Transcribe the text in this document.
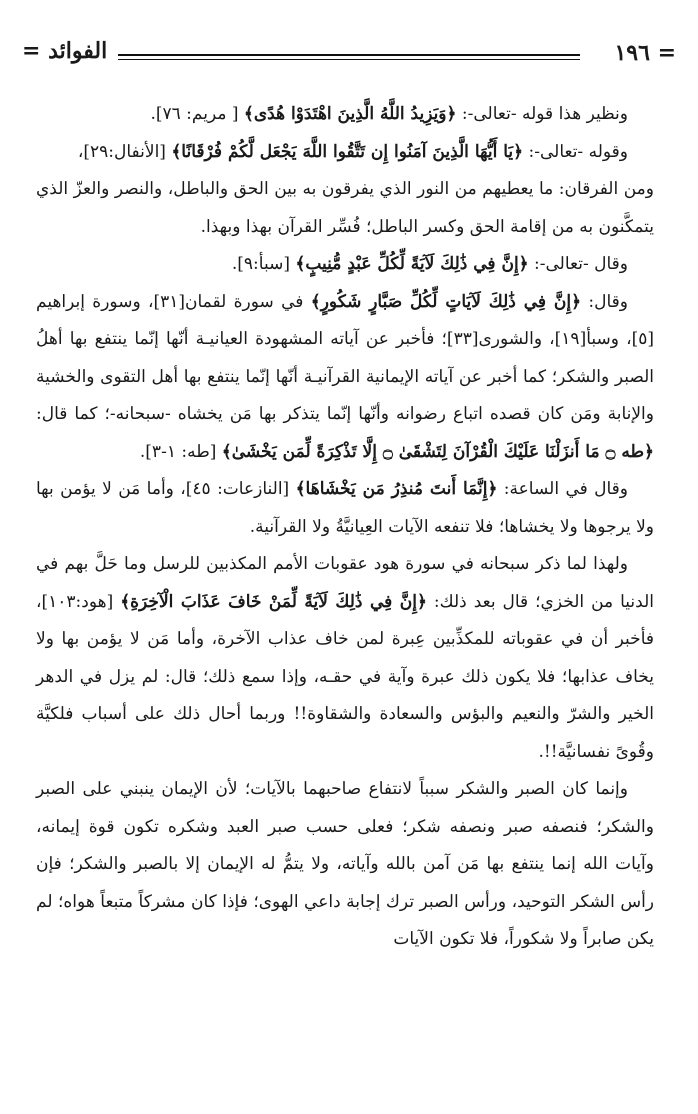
= ١٩٦
الفوائد =

ونظير هذا قوله -تعالى-: ﴿وَيَزِيدُ اللَّهُ الَّذِينَ اهْتَدَوْا هُدًى﴾ [ مريم: ٧٦].

وقوله -تعالى-: ﴿يَا أَيُّهَا الَّذِينَ آمَنُوا إِن تَتَّقُوا اللَّهَ يَجْعَل لَّكُمْ فُرْقَانًا﴾ [الأنفال:٢٩]،

ومن الفرقان: ما يعطيهم من النور الذي يفرقون به بين الحق والباطل، والنصر والعزّ الذي يتمكَّنون به من إقامة الحق وكسر الباطل؛ فُسِّر القرآن بهذا وبهذا.

وقال -تعالى-: ﴿إِنَّ فِي ذَٰلِكَ لَآيَةً لِّكُلِّ عَبْدٍ مُّنِيبٍ﴾ [سبأ:٩].

وقال: ﴿إِنَّ فِي ذَٰلِكَ لَآيَاتٍ لِّكُلِّ صَبَّارٍ شَكُورٍ﴾ في سورة لقمان[٣١]، وسورة إبراهيم [٥]، وسبأ[١٩]، والشورى[٣٣]؛ فأخبر عن آياته المشهودة العيانيـة أنّها إنّما ينتفع بها أهلُ الصبر والشكر؛ كما أخبر عن آياته الإيمانية القرآنيـة أنّها إنّما ينتفع بها أهل التقوى والخشية والإنابة ومَن كان قصده اتباع رضوانه وأنّها إنّما يتذكر بها مَن يخشاه -سبحانه-؛ كما قال: ﴿طه ۝ مَا أَنزَلْنَا عَلَيْكَ الْقُرْآنَ لِتَشْقَىٰ ۝ إِلَّا تَذْكِرَةً لِّمَن يَخْشَىٰ﴾ [طه: ١-٣].

وقال في الساعة: ﴿إِنَّمَا أَنتَ مُنذِرُ مَن يَخْشَاهَا﴾ [النازعات: ٤٥]، وأما مَن لا يؤمن بها ولا يرجوها ولا يخشاها؛ فلا تنفعه الآيات العِيانيَّةُ ولا القرآنية.

ولهذا لما ذكر سبحانه في سورة هود عقوبات الأمم المكذبين للرسل وما حَلَّ بهم في الدنيا من الخزي؛ قال بعد ذلك: ﴿إِنَّ فِي ذَٰلِكَ لَآيَةً لِّمَنْ خَافَ عَذَابَ الْآخِرَةِ﴾ [هود:١٠٣]، فأخبر أن في عقوباته للمكذِّبين عِبرة لمن خاف عذاب الآخرة، وأما مَن لا يؤمن بها ولا يخاف عذابها؛ فلا يكون ذلك عبرة وآية في حقـه، وإذا سمع ذلك؛ قال: لم يزل في الدهر الخير والشرّ والنعيم والبؤس والسعادة والشقاوة!! وربما أحال ذلك على أسباب فلكيَّة وقُوىً نفسانيَّة!!.

وإنما كان الصبر والشكر سبباً لانتفاع صاحبهما بالآيات؛ لأن الإيمان ينبني على الصبر والشكر؛ فنصفه صبر ونصفه شكر؛ فعلى حسب صبر العبد وشكره تكون قوة إيمانه، وآيات الله إنما ينتفع بها مَن آمن بالله وآياته، ولا يتمُّ له الإيمان إلا بالصبر والشكر؛ فإن رأس الشكر التوحيد، ورأس الصبر ترك إجابة داعي الهوى؛ فإذا كان مشركاً متبعاً هواه؛ لم يكن صابراً ولا شكوراً، فلا تكون الآيات
